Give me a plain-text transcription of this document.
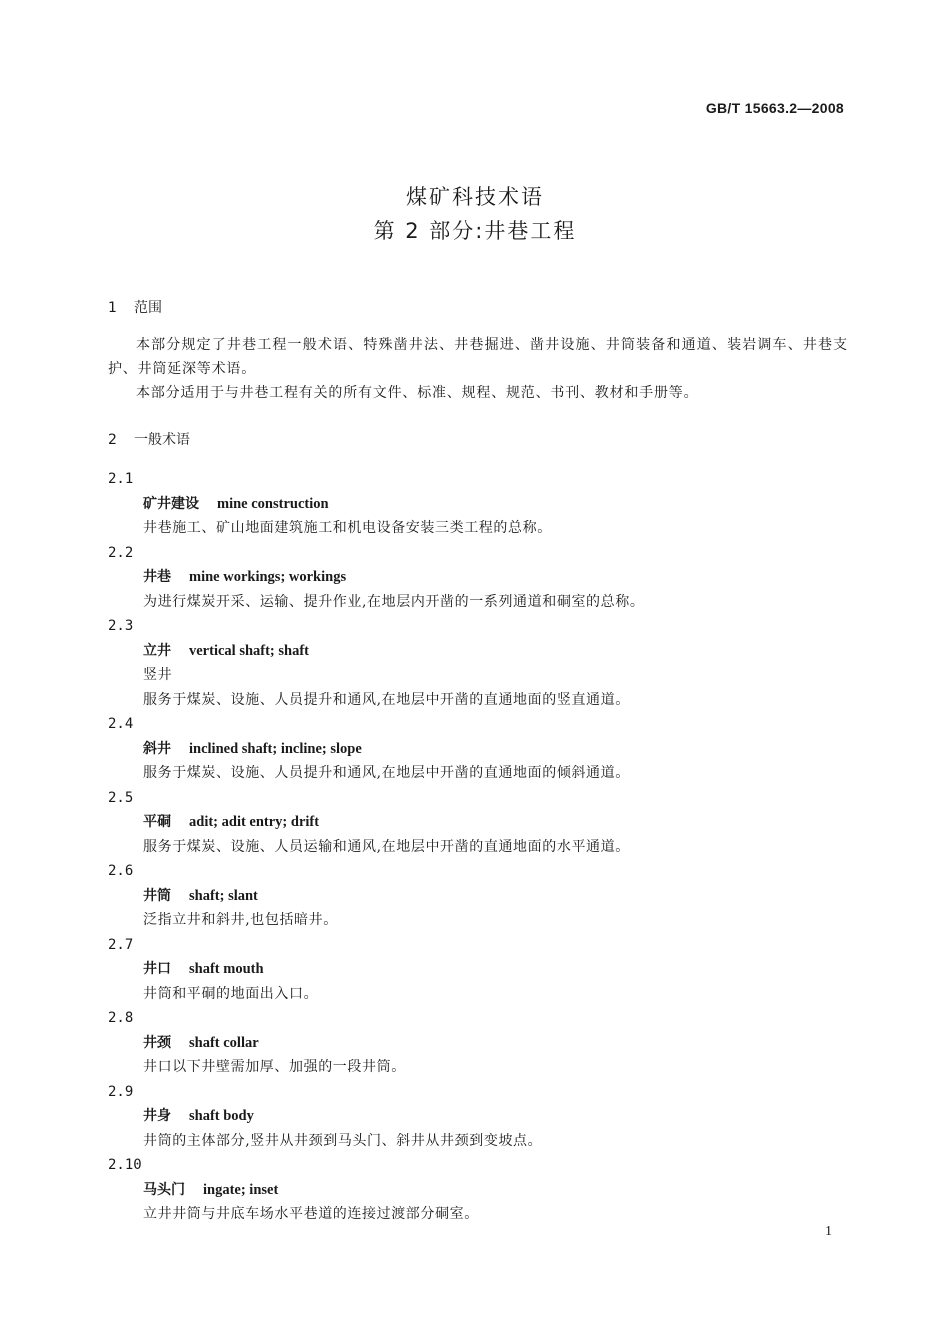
GB/T 15663.2—2008
煤矿科技术语
第 2 部分:井巷工程
1 范围
本部分规定了井巷工程一般术语、特殊凿井法、井巷掘进、凿井设施、井筒装备和通道、装岩调车、井巷支护、井筒延深等术语。
本部分适用于与井巷工程有关的所有文件、标准、规程、规范、书刊、教材和手册等。
2 一般术语
2.1
矿井建设 mine construction
井巷施工、矿山地面建筑施工和机电设备安装三类工程的总称。
2.2
井巷 mine workings; workings
为进行煤炭开采、运输、提升作业,在地层内开凿的一系列通道和硐室的总称。
2.3
立井 vertical shaft; shaft
竖井
服务于煤炭、设施、人员提升和通风,在地层中开凿的直通地面的竖直通道。
2.4
斜井 inclined shaft; incline; slope
服务于煤炭、设施、人员提升和通风,在地层中开凿的直通地面的倾斜通道。
2.5
平硐 adit; adit entry; drift
服务于煤炭、设施、人员运输和通风,在地层中开凿的直通地面的水平通道。
2.6
井筒 shaft; slant
泛指立井和斜井,也包括暗井。
2.7
井口 shaft mouth
井筒和平硐的地面出入口。
2.8
井颈 shaft collar
井口以下井壁需加厚、加强的一段井筒。
2.9
井身 shaft body
井筒的主体部分,竖井从井颈到马头门、斜井从井颈到变坡点。
2.10
马头门 ingate; inset
立井井筒与井底车场水平巷道的连接过渡部分硐室。
1
